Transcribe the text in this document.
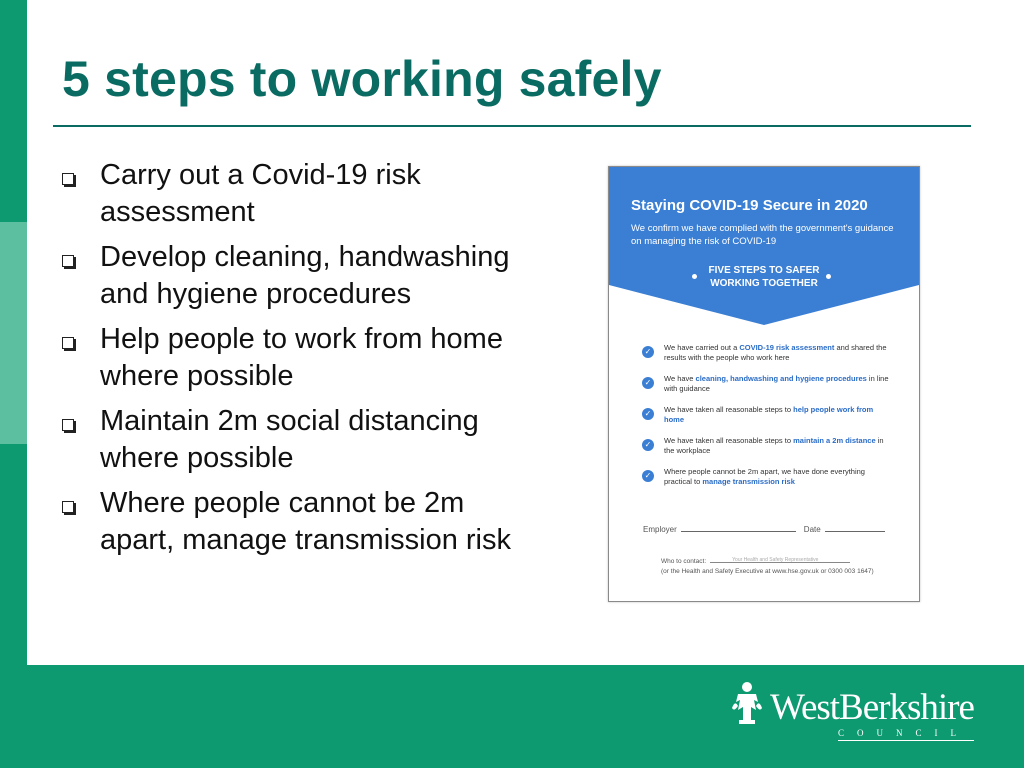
5 steps to working safely
Carry out a Covid-19 risk assessment
Develop cleaning, handwashing and hygiene procedures
Help people to work from home where possible
Maintain 2m social distancing where possible
Where people cannot be 2m apart, manage transmission risk
Staying COVID-19 Secure in 2020
We confirm we have complied with the government's guidance on managing the risk of COVID-19
FIVE STEPS TO SAFER
WORKING TOGETHER
✓	We have carried out a COVID-19 risk assessment and shared the results with the people who work here
✓	We have cleaning, handwashing and hygiene procedures in line with guidance
✓	We have taken all reasonable steps to help people work from home
✓	We have taken all reasonable steps to maintain a 2m distance in the workplace
✓	Where people cannot be 2m apart, we have done everything practical to manage transmission risk
Employer	Date
Who to contact:	Your Health and Safety Representative
(or the Health and Safety Executive at www.hse.gov.uk or 0300 003 1647)
WestBerkshire
COUNCIL
